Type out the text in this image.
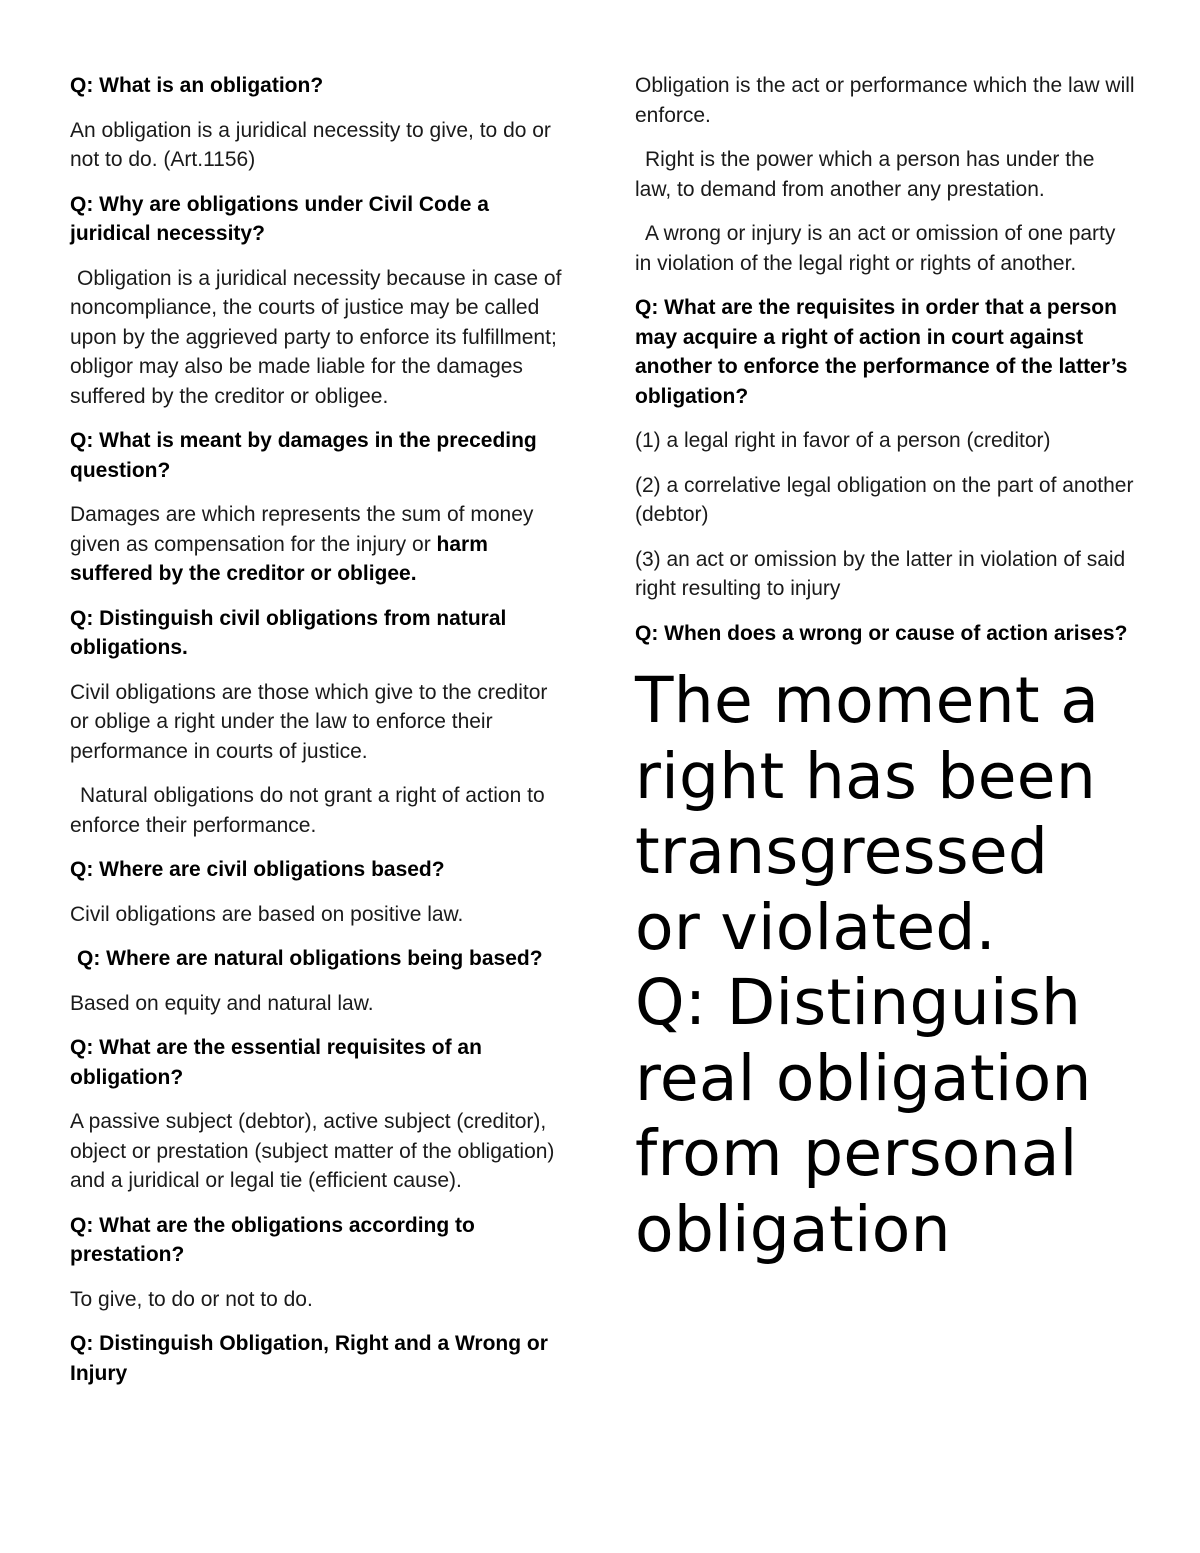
Q: What is an obligation?

An obligation is a juridical necessity to give, to do or not to do. (Art.1156)

Q: Why are obligations under Civil Code a juridical necessity?

Obligation is a juridical necessity because in case of noncompliance, the courts of justice may be called upon by the aggrieved party to enforce its fulfillment; obligor may also be made liable for the damages suffered by the creditor or obligee.

Q: What is meant by damages in the preceding question?

Damages are which represents the sum of money given as compensation for the injury or harm suffered by the creditor or obligee.

Q: Distinguish civil obligations from natural obligations.

Civil obligations are those which give to the creditor or oblige a right under the law to enforce their performance in courts of justice.

Natural obligations do not grant a right of action to enforce their performance.

Q: Where are civil obligations based?

Civil obligations are based on positive law.

Q: Where are natural obligations being based?

Based on equity and natural law.

Q: What are the essential requisites of an obligation?

A passive subject (debtor), active subject (creditor), object or prestation (subject matter of the obligation) and a juridical or legal tie (efficient cause).

Q: What are the obligations according to prestation?

To give, to do or not to do.

Q: Distinguish Obligation, Right and a Wrong or Injury

Obligation is the act or performance which the law will enforce.

Right is the power which a person has under the law, to demand from another any prestation.

A wrong or injury is an act or omission of one party in violation of the legal right or rights of another.

Q: What are the requisites in order that a person may acquire a right of action in court against another to enforce the performance of the latter’s obligation?

(1) a legal right in favor of a person (creditor)

(2) a correlative legal obligation on the part of another (debtor)

(3) an act or omission by the latter in violation of said right resulting to injury

Q: When does a wrong or cause of action arises?

The moment a
right has been
transgressed
or violated.
Q: Distinguish
real obligation
from personal
obligation
